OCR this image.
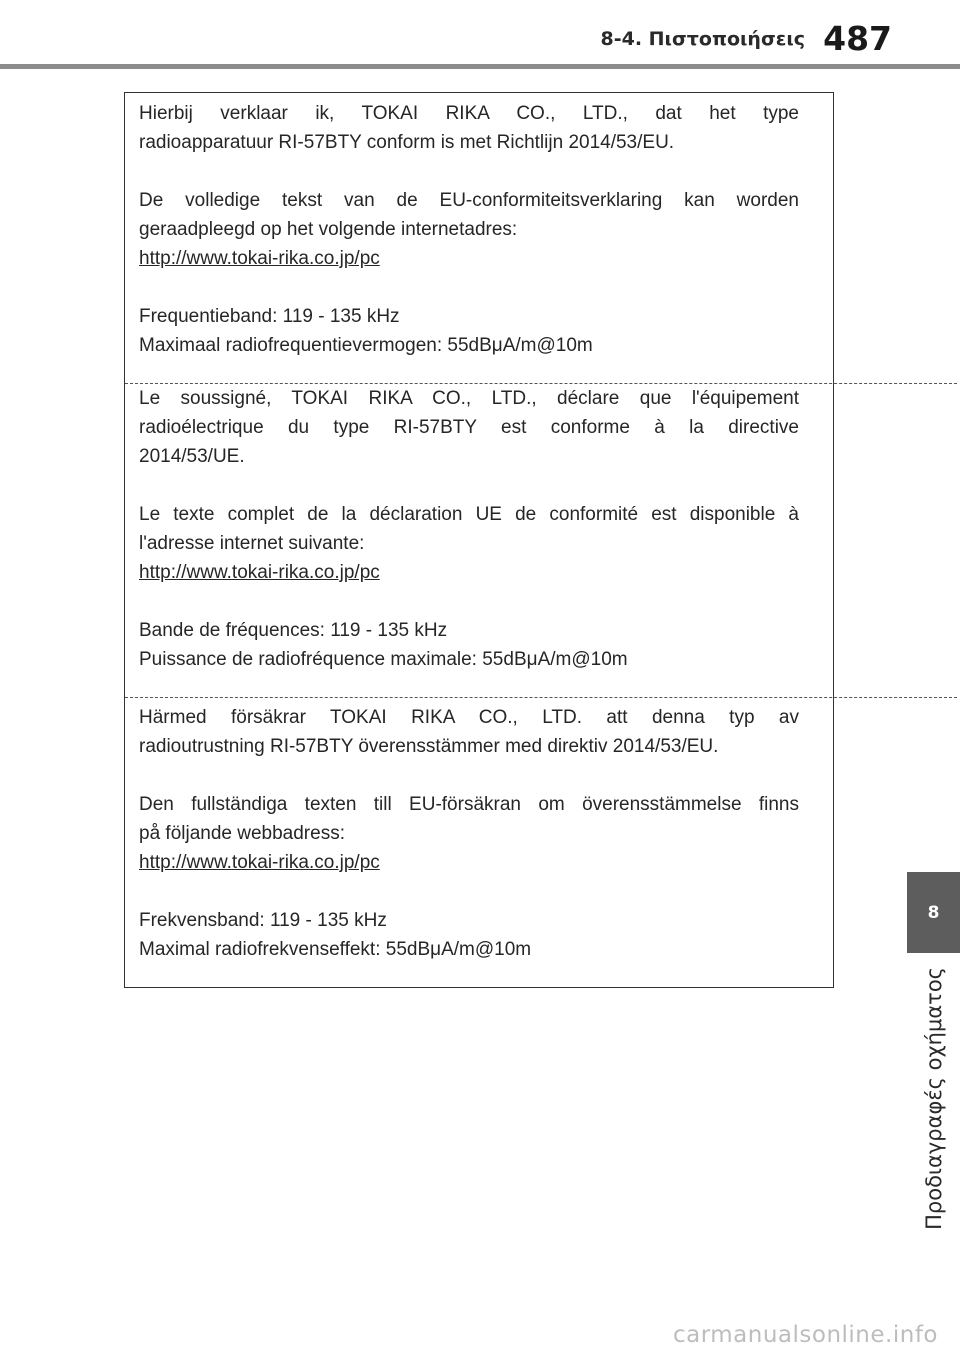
8-4. Πιστοποιήσεις 487

Hierbij verklaar ik, TOKAI RIKA CO., LTD., dat het type

radioapparatuur RI-57BTY conform is met Richtlijn 2014/53/EU.

De volledige tekst van de EU-conformiteitsverklaring kan worden

geraadpleegd op het volgende internetadres:

http://www.tokai-rika.co.jp/pc

Frequentieband: 119 - 135 kHz

Maximaal radiofrequentievermogen: 55dBμA/m@10m

Le soussigné, TOKAI RIKA CO., LTD., déclare que l'équipement

radioélectrique du type RI-57BTY est conforme à la directive

2014/53/UE.

Le texte complet de la déclaration UE de conformité est disponible à

l'adresse internet suivante:

http://www.tokai-rika.co.jp/pc

Bande de fréquences: 119 - 135 kHz

Puissance de radiofréquence maximale: 55dBμA/m@10m

Härmed försäkrar TOKAI RIKA CO., LTD. att denna typ av

radioutrustning RI-57BTY överensstämmer med direktiv 2014/53/EU.

Den fullständiga texten till EU-försäkran om överensstämmelse finns

på följande webbadress:

http://www.tokai-rika.co.jp/pc

Frekvensband: 119 - 135 kHz

Maximal radiofrekvenseffekt: 55dBμA/m@10m

8
Προδιαγραφές οχήματος
carmanualsonline.info
